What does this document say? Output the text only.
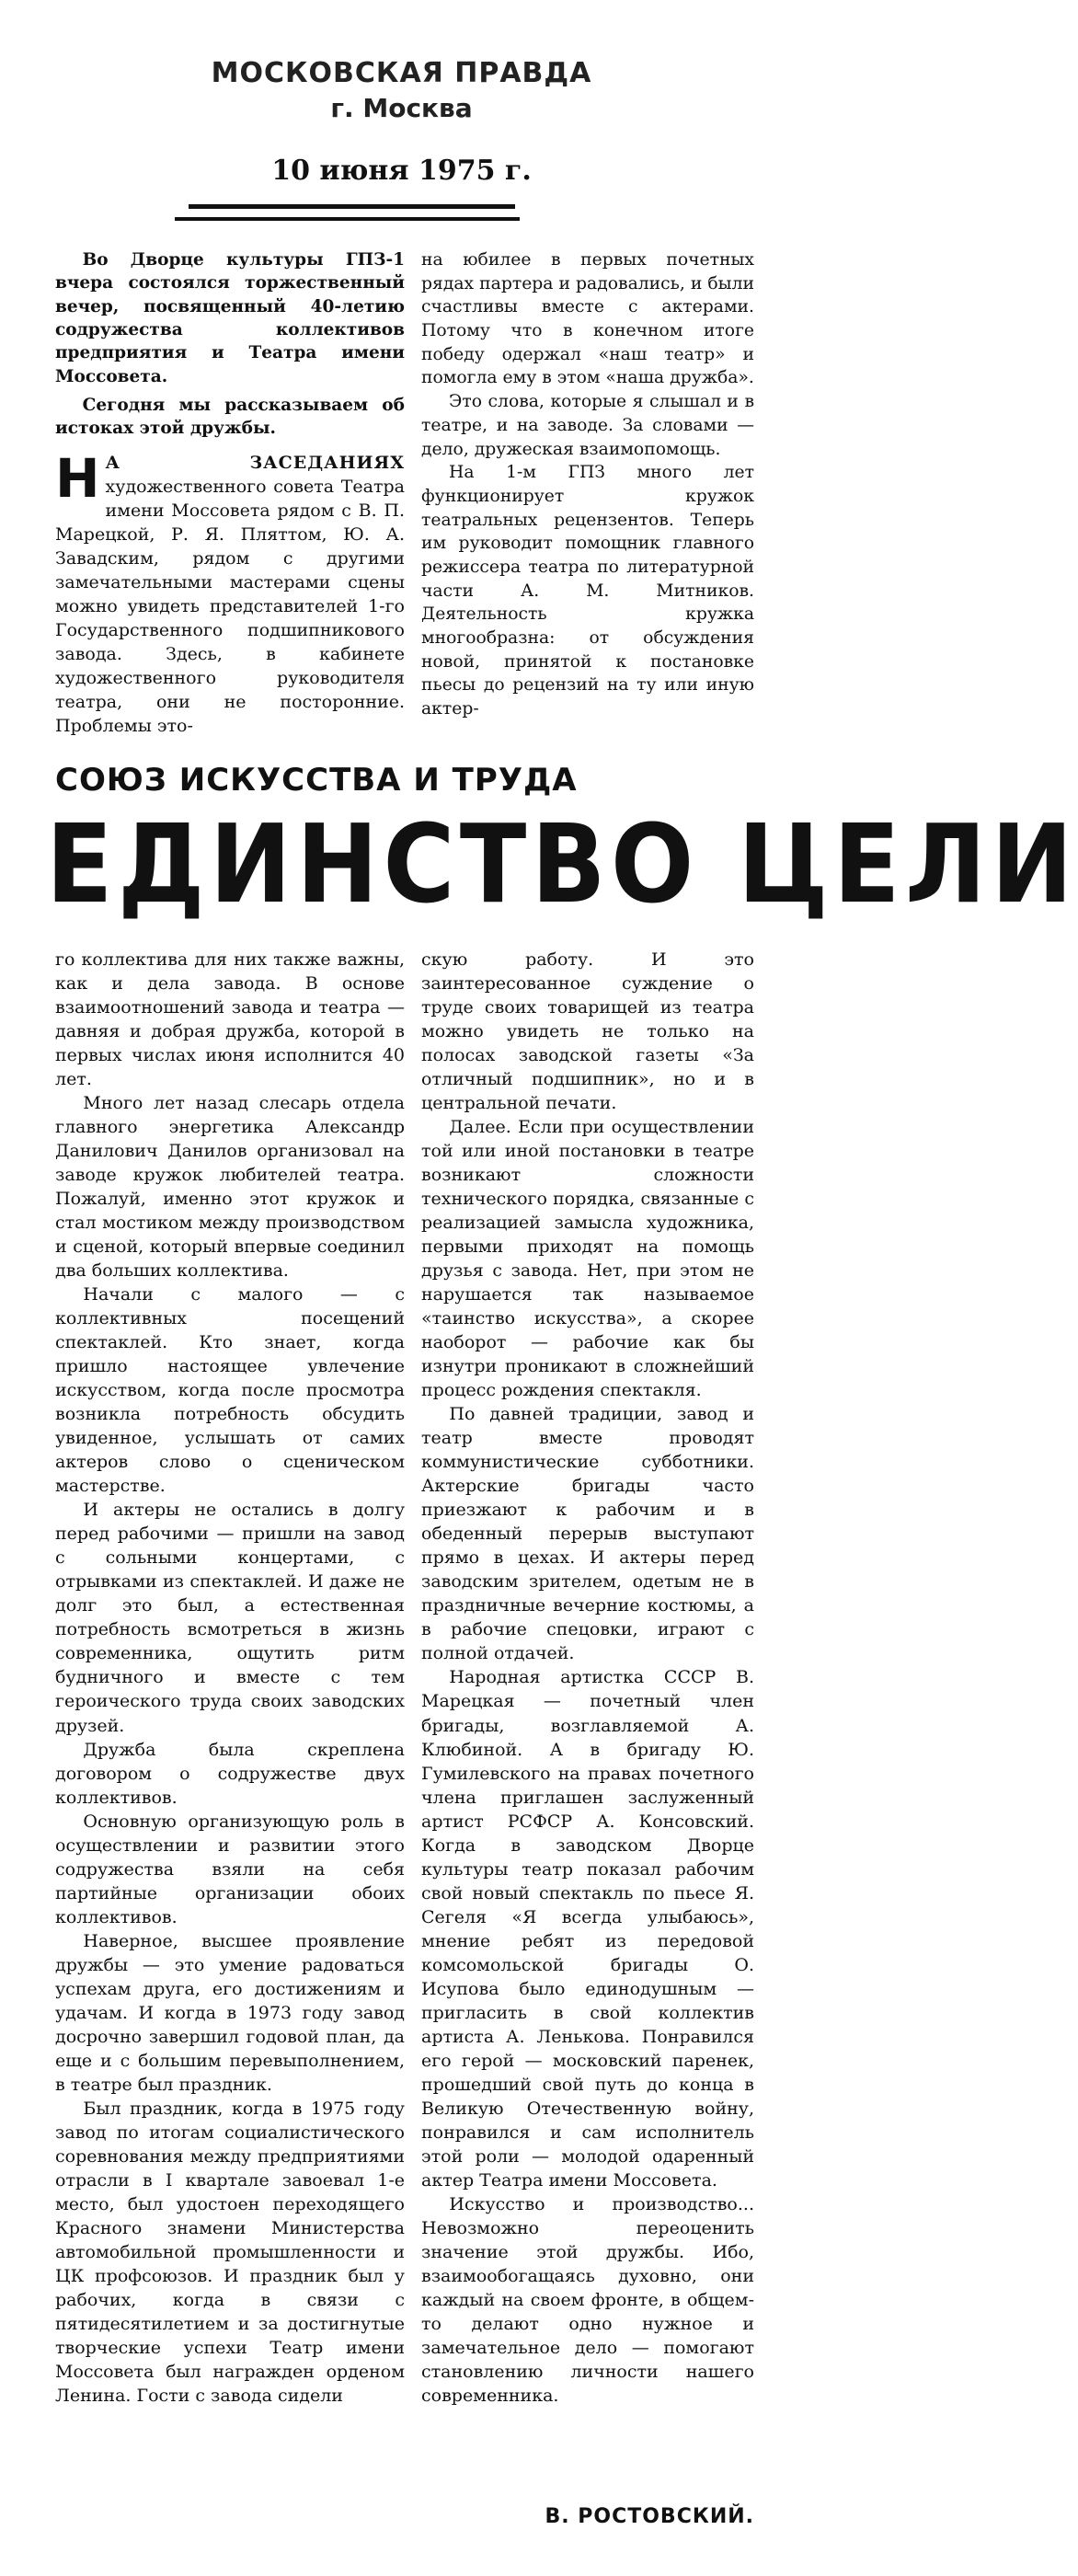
МОСКОВСКАЯ ПРАВДА
г. Москва
10 июня 1975 г.

Во Дворце культуры ГПЗ-1 вчера состоялся торжественный вечер, посвященный 40-летию содружества коллективов предприятия и Театра имени Моссовета.

Сегодня мы рассказываем об истоках этой дружбы.

Н А ЗАСЕДАНИЯХ художественного совета Театра имени Моссовета рядом с В. П. Марецкой, Р. Я. Пляттом, Ю. А. Завадским, рядом с другими замечательными мастерами сцены можно увидеть представителей 1-го Государственного подшипникового завода. Здесь, в кабинете художественного руководителя театра, они не посторонние. Проблемы это-

на юбилее в первых почетных рядах партера и радовались, и были счастливы вместе с актерами. Потому что в конечном итоге победу одержал «наш театр» и помогла ему в этом «наша дружба».

Это слова, которые я слышал и в театре, и на заводе. За словами — дело, дружеская взаимопомощь.

На 1-м ГПЗ много лет функционирует кружок театральных рецензентов. Теперь им руководит помощник главного режиссера театра по литературной части А. М. Митников. Деятельность кружка многообразна: от обсуждения новой, принятой к постановке пьесы до рецензий на ту или иную актер-

СОЮЗ ИСКУССТВА И ТРУДА
ЕДИНСТВО ЦЕЛИ

го коллектива для них также важны, как и дела завода. В основе взаимоотношений завода и театра — давняя и добрая дружба, которой в первых числах июня исполнится 40 лет.

Много лет назад слесарь отдела главного энергетика Александр Данилович Данилов организовал на заводе кружок любителей театра. Пожалуй, именно этот кружок и стал мостиком между производством и сценой, который впервые соединил два больших коллектива.

Начали с малого — с коллективных посещений спектаклей. Кто знает, когда пришло настоящее увлечение искусством, когда после просмотра возникла потребность обсудить увиденное, услышать от самих актеров слово о сценическом мастерстве.

И актеры не остались в долгу перед рабочими — пришли на завод с сольными концертами, с отрывками из спектаклей. И даже не долг это был, а естественная потребность всмотреться в жизнь современника, ощутить ритм будничного и вместе с тем героического труда своих заводских друзей.

Дружба была скреплена договором о содружестве двух коллективов.

Основную организующую роль в осуществлении и развитии этого содружества взяли на себя партийные организации обоих коллективов.

Наверное, высшее проявление дружбы — это умение радоваться успехам друга, его достижениям и удачам. И когда в 1973 году завод досрочно завершил годовой план, да еще и с большим перевыполнением, в театре был праздник.

Был праздник, когда в 1975 году завод по итогам социалистического соревнования между предприятиями отрасли в I квартале завоевал 1-е место, был удостоен переходящего Красного знамени Министерства автомобильной промышленности и ЦК профсоюзов. И праздник был у рабочих, когда в связи с пятидесятилетием и за достигнутые творческие успехи Театр имени Моссовета был награжден орденом Ленина. Гости с завода сидели

скую работу. И это заинтересованное суждение о труде своих товарищей из театра можно увидеть не только на полосах заводской газеты «За отличный подшипник», но и в центральной печати.

Далее. Если при осуществлении той или иной постановки в театре возникают сложности технического порядка, связанные с реализацией замысла художника, первыми приходят на помощь друзья с завода. Нет, при этом не нарушается так называемое «таинство искусства», а скорее наоборот — рабочие как бы изнутри проникают в сложнейший процесс рождения спектакля.

По давней традиции, завод и театр вместе проводят коммунистические субботники. Актерские бригады часто приезжают к рабочим и в обеденный перерыв выступают прямо в цехах. И актеры перед заводским зрителем, одетым не в праздничные вечерние костюмы, а в рабочие спецовки, играют с полной отдачей.

Народная артистка СССР В. Марецкая — почетный член бригады, возглавляемой А. Клюбиной. А в бригаду Ю. Гумилевского на правах почетного члена приглашен заслуженный артист РСФСР А. Консовский. Когда в заводском Дворце культуры театр показал рабочим свой новый спектакль по пьесе Я. Сегеля «Я всегда улыбаюсь», мнение ребят из передовой комсомольской бригады О. Исупова было единодушным — пригласить в свой коллектив артиста А. Ленькова. Понравился его герой — московский паренек, прошедший свой путь до конца в Великую Отечественную войну, понравился и сам исполнитель этой роли — молодой одаренный актер Театра имени Моссовета.

Искусство и производство... Невозможно переоценить значение этой дружбы. Ибо, взаимообогащаясь духовно, они каждый на своем фронте, в общем-то делают одно нужное и замечательное дело — помогают становлению личности нашего современника.

В. РОСТОВСКИЙ.
